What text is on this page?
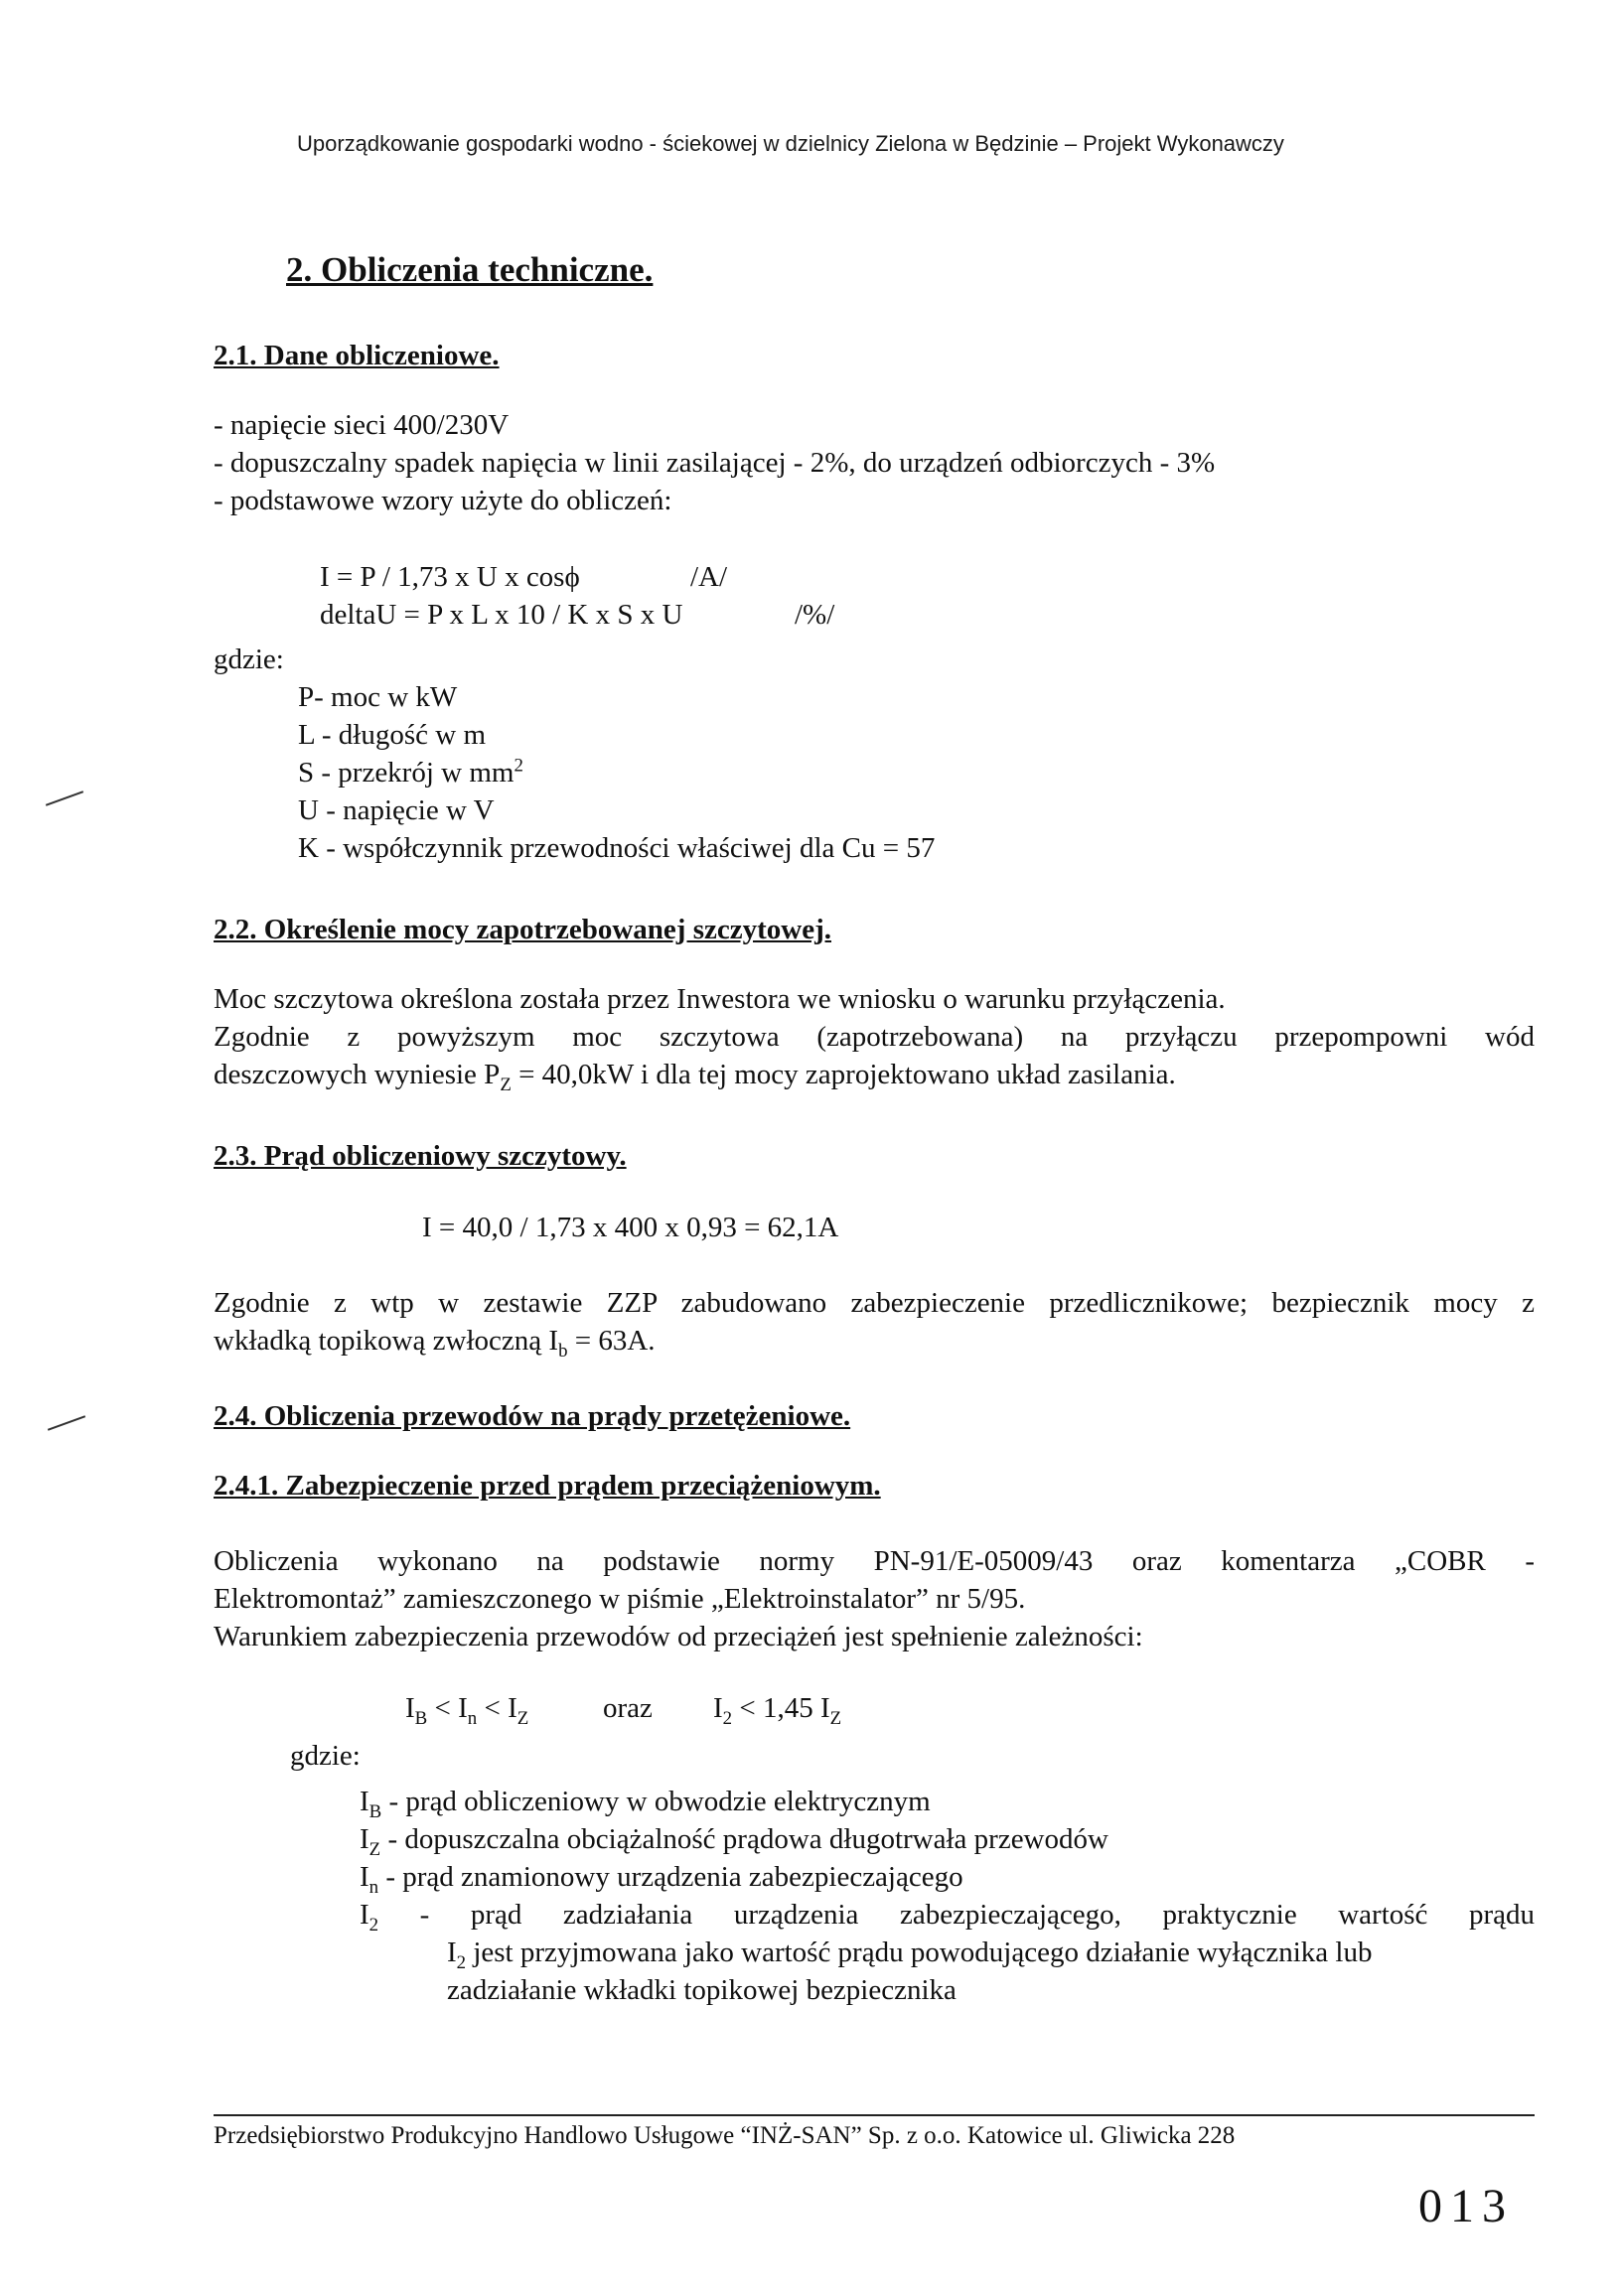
Uporządkowanie gospodarki wodno - ściekowej w dzielnicy Zielona w Będzinie – Projekt Wykonawczy
2. Obliczenia techniczne.
2.1. Dane obliczeniowe.
- napięcie sieci 400/230V
- dopuszczalny spadek napięcia w linii zasilającej - 2%, do urządzeń odbiorczych - 3%
- podstawowe wzory użyte do obliczeń:
I = P / 1,73 x U x cosϕ	/A/
deltaU = P x L x 10 / K x S x U	/%/
gdzie:
P- moc w kW
L - długość w m
S - przekrój w $mm^2$
U - napięcie w V
K - współczynnik przewodności właściwej dla Cu = 57
2.2. Określenie mocy zapotrzebowanej szczytowej.
Moc szczytowa określona została przez Inwestora we wniosku o warunku przyłączenia.
Zgodnie z powyższym moc szczytowa (zapotrzebowana) na przyłączu przepompowni wód
deszczowych wyniesie $P_Z = 40,0kW$ i dla tej mocy zaprojektowano układ zasilania.
2.3. Prąd obliczeniowy szczytowy.
I = 40,0 / 1,73 x 400 x 0,93 = 62,1A
Zgodnie z wtp w zestawie ZZP zabudowano zabezpieczenie przedlicznikowe; bezpiecznik mocy z
wkładką topikową zwłoczną $I_b = 63A$.
2.4. Obliczenia przewodów na prądy przetężeniowe.
2.4.1. Zabezpieczenie przed prądem przeciążeniowym.
Obliczenia wykonano na podstawie normy PN-91/E-05009/43 oraz komentarza „COBR -
Elektromontaż” zamieszczonego w piśmie „Elektroinstalator” nr 5/95.
Warunkiem zabezpieczenia przewodów od przeciążeń jest spełnienie zależności:
$I_B < I_n < I_Z$	oraz $I_2 < 1,45$ $I_Z$
gdzie:
$I_B$ - prąd obliczeniowy w obwodzie elektrycznym
$I_Z$ - dopuszczalna obciążalność prądowa długotrwała przewodów
$I_n$ - prąd znamionowy urządzenia zabezpieczającego
$I_2$ - prąd zadziałania urządzenia zabezpieczającego, praktycznie wartość prądu
$I_2$ jest przyjmowana jako wartość prądu powodującego działanie wyłącznika lub
zadziałanie wkładki topikowej bezpiecznika
Przedsiębiorstwo Produkcyjno Handlowo Usługowe “INŻ-SAN” Sp. z o.o. Katowice ul. Gliwicka 228
013
